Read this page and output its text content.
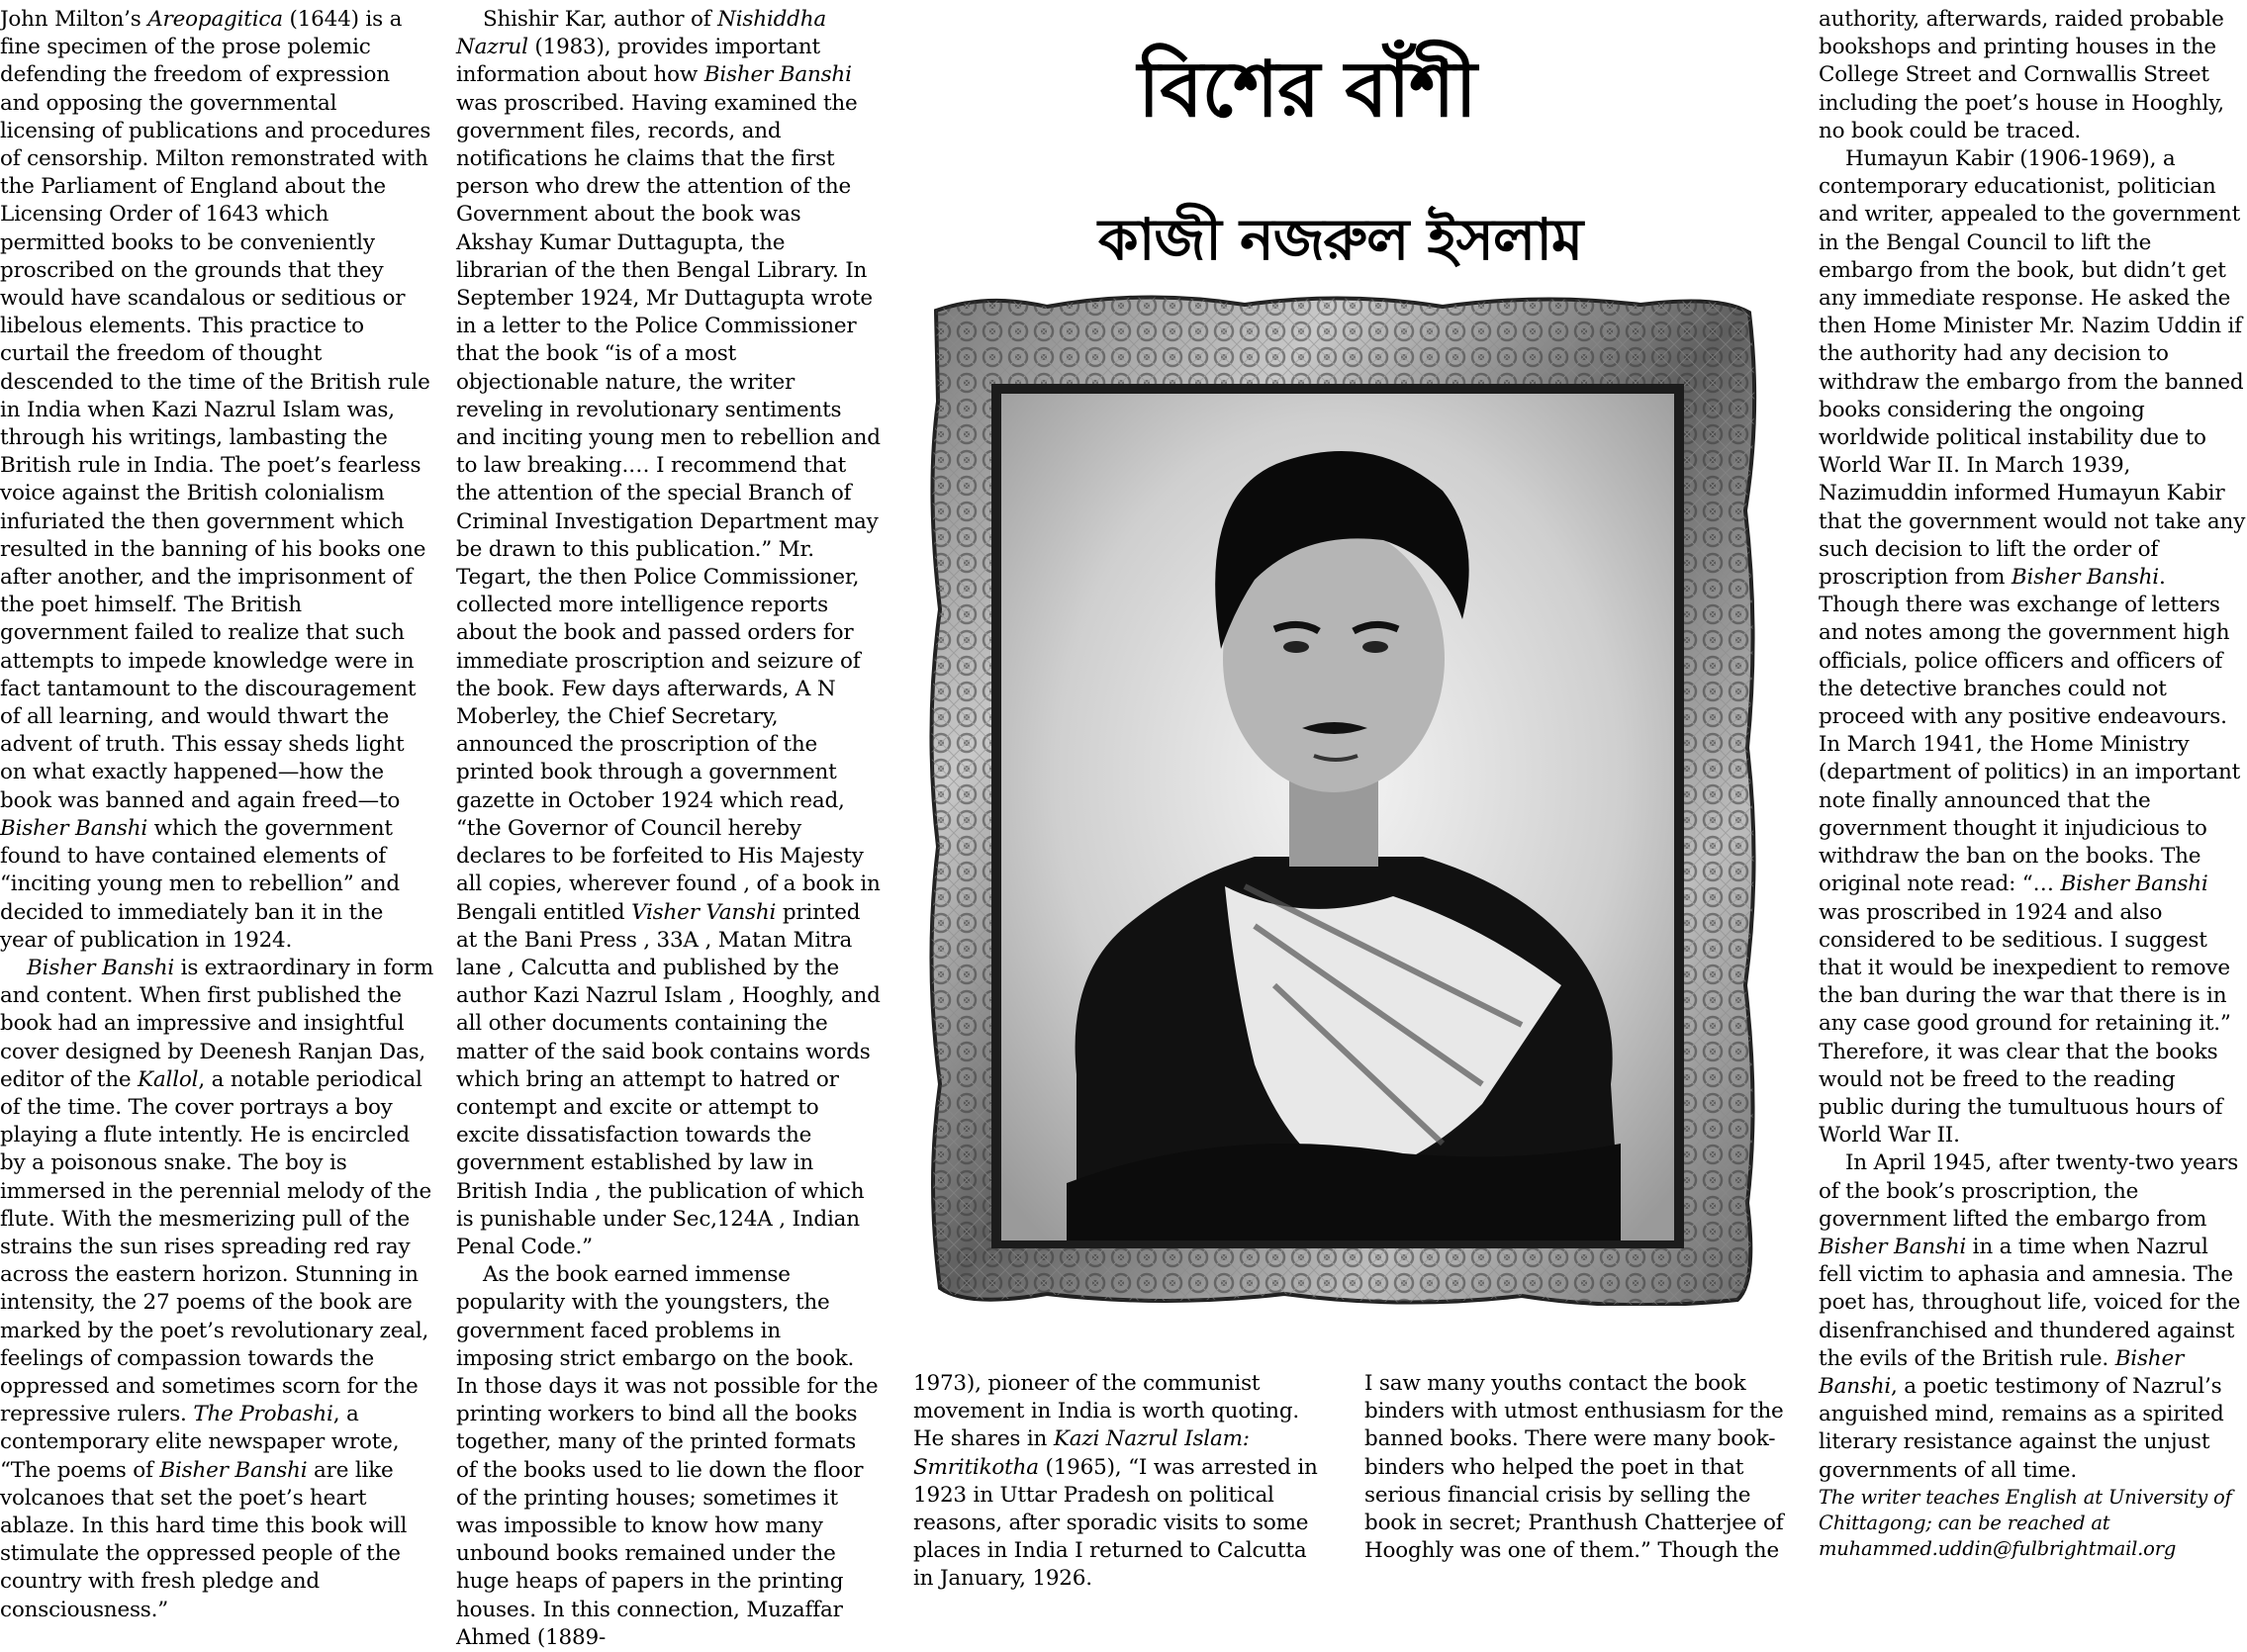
John Milton’s Areopagitica (1644) is a fine specimen of the prose polemic defending the freedom of expression and opposing the governmental licensing of publications and procedures of censorship. Milton remonstrated with the Parliament of England about the Licensing Order of 1643 which permitted books to be conveniently proscribed on the grounds that they would have scandalous or seditious or libelous elements. This practice to curtail the freedom of thought descended to the time of the British rule in India when Kazi Nazrul Islam was, through his writings, lambasting the British rule in India. The poet’s fearless voice against the British colonialism infuriated the then government which resulted in the banning of his books one after another, and the imprisonment of the poet himself. The British government failed to realize that such attempts to impede knowledge were in fact tantamount to the discouragement of all learning, and would thwart the advent of truth. This essay sheds light on what exactly happened—how the book was banned and again freed—to Bisher Banshi which the government found to have contained elements of “inciting young men to rebellion” and decided to immediately ban it in the year of publication in 1924.

Bisher Banshi is extraordinary in form and content. When first published the book had an impressive and insightful cover designed by Deenesh Ranjan Das, editor of the Kallol, a notable periodical of the time. The cover portrays a boy playing a flute intently. He is encircled by a poisonous snake. The boy is immersed in the perennial melody of the flute. With the mesmerizing pull of the strains the sun rises spreading red ray across the eastern horizon. Stunning in intensity, the 27 poems of the book are marked by the poet’s revolutionary zeal, feelings of compassion towards the oppressed and sometimes scorn for the repressive rulers. The Probashi, a contemporary elite newspaper wrote, “The poems of Bisher Banshi are like volcanoes that set the poet’s heart ablaze. In this hard time this book will stimulate the oppressed people of the country with fresh pledge and consciousness.”

Shishir Kar, author of Nishiddha Nazrul (1983), provides important information about how Bisher Banshi was proscribed. Having examined the government files, records, and notifications he claims that the first person who drew the attention of the Government about the book was Akshay Kumar Duttagupta, the librarian of the then Bengal Library. In September 1924, Mr Duttagupta wrote in a letter to the Police Commissioner that the book “is of a most objectionable nature, the writer reveling in revolutionary sentiments and inciting young men to rebellion and to law breaking.… I recommend that the attention of the special Branch of Criminal Investigation Department may be drawn to this publication.” Mr. Tegart, the then Police Commissioner, collected more intelligence reports about the book and passed orders for immediate proscription and seizure of the book. Few days afterwards, A N Moberley, the Chief Secretary, announced the proscription of the printed book through a government gazette in October 1924 which read, “the Governor of Council hereby declares to be forfeited to His Majesty all copies, wherever found , of a book in Bengali entitled Visher Vanshi printed at the Bani Press , 33A , Matan Mitra lane , Calcutta and published by the author Kazi Nazrul Islam , Hooghly, and all other documents containing the matter of the said book contains words which bring an attempt to hatred or contempt and excite or attempt to excite dissatisfaction towards the government established by law in British India , the publication of which is punishable under Sec,124A , Indian Penal Code.”

As the book earned immense popularity with the youngsters, the government faced problems in imposing strict embargo on the book. In those days it was not possible for the printing workers to bind all the books together, many of the printed formats of the books used to lie down the floor of the printing houses; sometimes it was impossible to know how many unbound books remained under the huge heaps of papers in the printing houses. In this connection, Muzaffar Ahmed (1889-

বিশের বাঁশী
কাজী নজরুল ইসলাম

1973), pioneer of the communist movement in India is worth quoting. He shares in Kazi Nazrul Islam: Smritikotha (1965), “I was arrested in 1923 in Uttar Pradesh on political reasons, after sporadic visits to some places in India I returned to Calcutta in January, 1926.

I saw many youths contact the book binders with utmost enthusiasm for the banned books. There were many book-binders who helped the poet in that serious financial crisis by selling the book in secret; Pranthush Chatterjee of Hooghly was one of them.” Though the

authority, afterwards, raided probable bookshops and printing houses in the College Street and Cornwallis Street including the poet’s house in Hooghly, no book could be traced.

Humayun Kabir (1906-1969), a contemporary educationist, politician and writer, appealed to the government in the Bengal Council to lift the embargo from the book, but didn’t get any immediate response. He asked the then Home Minister Mr. Nazim Uddin if the authority had any decision to withdraw the embargo from the banned books considering the ongoing worldwide political instability due to World War II. In March 1939, Nazimuddin informed Humayun Kabir that the government would not take any such decision to lift the order of proscription from Bisher Banshi. Though there was exchange of letters and notes among the government high officials, police officers and officers of the detective branches could not proceed with any positive endeavours. In March 1941, the Home Ministry (department of politics) in an important note finally announced that the government thought it injudicious to withdraw the ban on the books. The original note read: “… Bisher Banshi was proscribed in 1924 and also considered to be seditious. I suggest that it would be inexpedient to remove the ban during the war that there is in any case good ground for retaining it.” Therefore, it was clear that the books would not be freed to the reading public during the tumultuous hours of World War II.

In April 1945, after twenty-two years of the book’s proscription, the government lifted the embargo from Bisher Banshi in a time when Nazrul fell victim to aphasia and amnesia. The poet has, throughout life, voiced for the disenfranchised and thundered against the evils of the British rule. Bisher Banshi, a poetic testimony of Nazrul’s anguished mind, remains as a spirited literary resistance against the unjust governments of all time.

The writer teaches English at University of Chittagong; can be reached at muhammed.uddin@fulbrightmail.org
